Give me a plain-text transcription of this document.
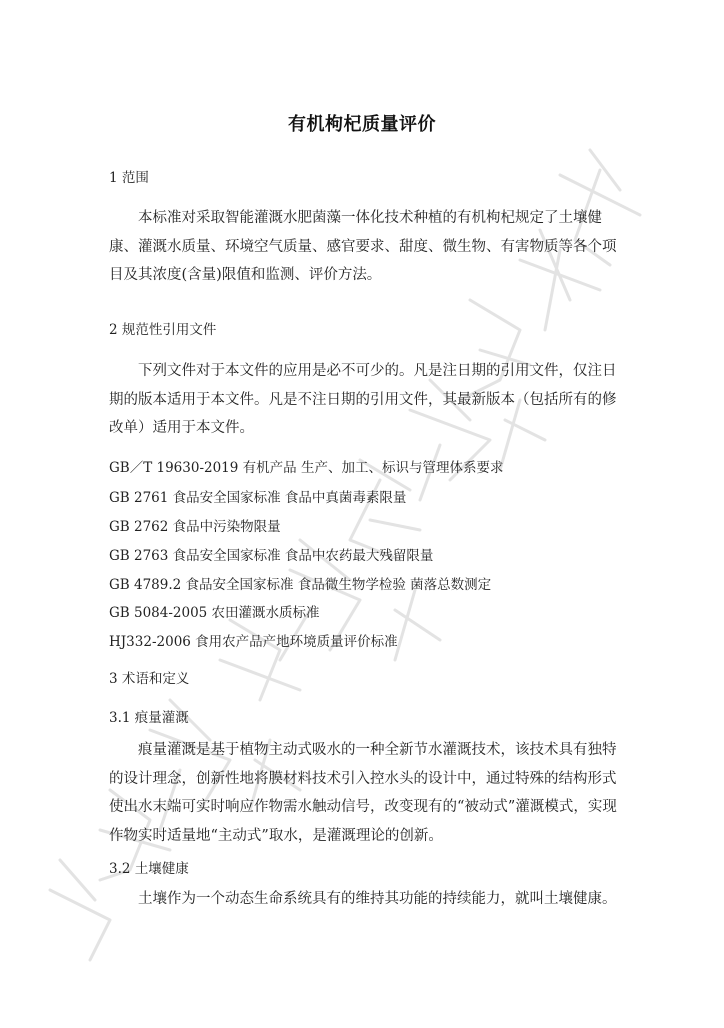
有机枸杞质量评价
1 范围
本标准对采取智能灌溉水肥菌藻一体化技术种植的有机枸杞规定了土壤健康、灌溉水质量、环境空气质量、感官要求、甜度、微生物、有害物质等各个项目及其浓度(含量)限值和监测、评价方法。
2 规范性引用文件
下列文件对于本文件的应用是必不可少的。凡是注日期的引用文件，仅注日期的版本适用于本文件。凡是不注日期的引用文件，其最新版本（包括所有的修改单）适用于本文件。
GB／T 19630-2019 有机产品 生产、加工、标识与管理体系要求
GB 2761 食品安全国家标准 食品中真菌毒素限量
GB 2762 食品中污染物限量
GB 2763 食品安全国家标准 食品中农药最大残留限量
GB 4789.2 食品安全国家标准 食品微生物学检验 菌落总数测定
GB 5084-2005 农田灌溉水质标准
HJ332-2006 食用农产品产地环境质量评价标准
3 术语和定义
3.1 痕量灌溉
痕量灌溉是基于植物主动式吸水的一种全新节水灌溉技术，该技术具有独特的设计理念，创新性地将膜材料技术引入控水头的设计中，通过特殊的结构形式使出水末端可实时响应作物需水触动信号，改变现有的“被动式”灌溉模式，实现作物实时适量地“主动式”取水，是灌溉理论的创新。
3.2 土壤健康
土壤作为一个动态生命系统具有的维持其功能的持续能力，就叫土壤健康。
